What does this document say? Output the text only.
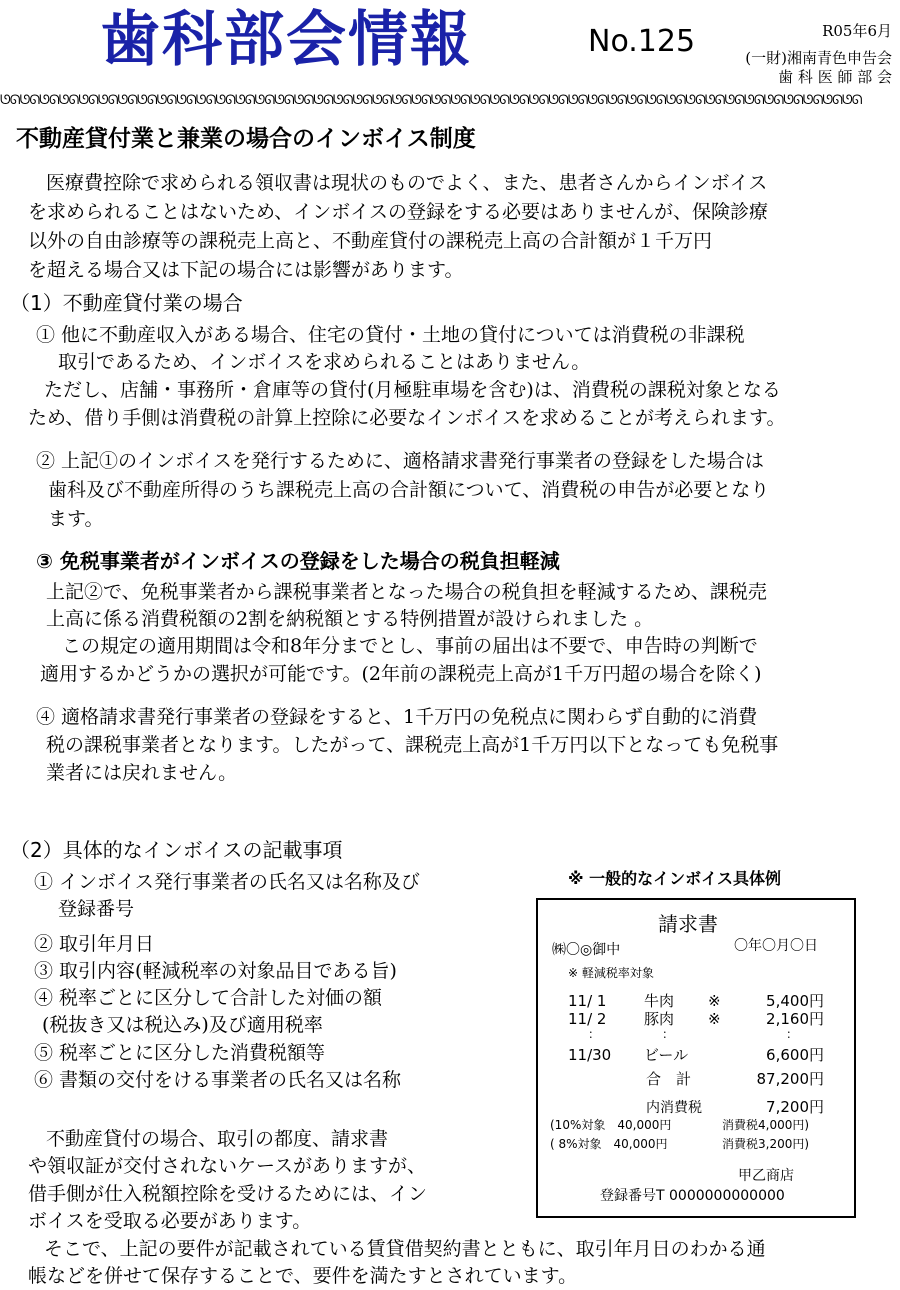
歯科部会情報	No.125	R05年6月
(一財)湘南青色申告会
歯 科 医 師 部 会
ᘎᘏᘎᘏᘎᘏᘎᘏᘎᘏᘎᘏᘎᘏᘎᘏᘎᘏᘎᘏᘎᘏᘎᘏᘎᘏᘎᘏᘎᘏᘎᘏᘎᘏᘎᘏᘎᘏᘎᘏᘎᘏᘎᘏᘎᘏᘎᘏᘎᘏᘎᘏᘎᘏᘎᘏᘎᘏᘎᘏᘎᘏᘎᘏᘎᘏᘎᘏᘎᘏᘎᘏᘎᘏᘎᘏᘎᘏᘎᘏᘎᘏᘎᘏᘎᘏᘎᘏ
不動産貸付業と兼業の場合のインボイス制度
医療費控除で求められる領収書は現状のものでよく、また、患者さんからインボイス
を求められることはないため、インボイスの登録をする必要はありませんが、保険診療
以外の自由診療等の課税売上高と、不動産貸付の課税売上高の合計額が１千万円
を超える場合又は下記の場合には影響があります。
（1）不動産貸付業の場合
① 他に不動産収入がある場合、住宅の貸付・土地の貸付については消費税の非課税
取引であるため、インボイスを求められることはありません。
ただし、店舗・事務所・倉庫等の貸付(月極駐車場を含む)は、消費税の課税対象となる
ため、借り手側は消費税の計算上控除に必要なインボイスを求めることが考えられます。
② 上記①のインボイスを発行するために、適格請求書発行事業者の登録をした場合は
歯科及び不動産所得のうち課税売上高の合計額について、消費税の申告が必要となり
ます。
③ 免税事業者がインボイスの登録をした場合の税負担軽減
上記②で、免税事業者から課税事業者となった場合の税負担を軽減するため、課税売
上高に係る消費税額の2割を納税額とする特例措置が設けられました 。
この規定の適用期間は令和8年分までとし、事前の届出は不要で、申告時の判断で
適用するかどうかの選択が可能です。(2年前の課税売上高が1千万円超の場合を除く)
④ 適格請求書発行事業者の登録をすると、1千万円の免税点に関わらず自動的に消費
税の課税事業者となります。したがって、課税売上高が1千万円以下となっても免税事
業者には戻れません。
（2）具体的なインボイスの記載事項
① インボイス発行事業者の氏名又は名称及び
登録番号
② 取引年月日
③ 取引内容(軽減税率の対象品目である旨)
④ 税率ごとに区分して合計した対価の額
(税抜き又は税込み)及び適用税率
⑤ 税率ごとに区分した消費税額等
⑥ 書類の交付をける事業者の氏名又は名称
不動産貸付の場合、取引の都度、請求書
や領収証が交付されないケースがありますが、
借手側が仕入税額控除を受けるためには、イン
ボイスを受取る必要があります。
そこで、上記の要件が記載されている賃貸借契約書とともに、取引年月日のわかる通
帳などを併せて保存することで、要件を満たすとされています。
※ 一般的なインボイス具体例
請求書
㈱〇◎御中	〇年〇月〇日
※ 軽減税率対象
11/ 1	牛肉 ※	5,400円
11/ 2	豚肉 ※	2,160円
：	：	：
11/30 ビール	6,600円
合　計	87,200円
内消費税	7,200円
(10%対象　40,000円	消費税4,000円)
( 8%対象　40,000円	消費税3,200円)
甲乙商店
登録番号T 0000000000000
